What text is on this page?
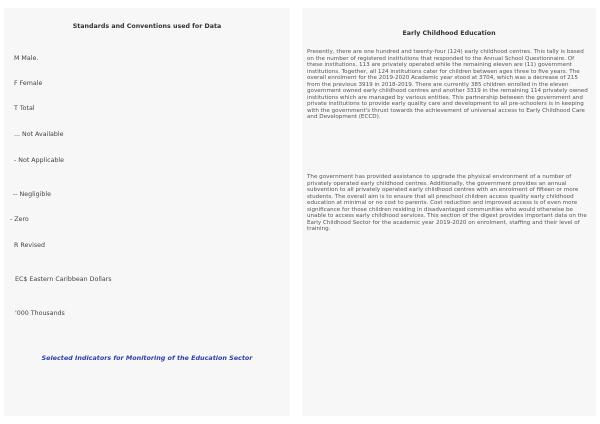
Standards and Conventions used for Data
M Male.
F Female
T Total
... Not Available
- Not Applicable
-- Negligible
- Zero
R Revised
EC$ Eastern Caribbean Dollars
'000 Thousands
Selected Indicators for Monitoring of the Education Sector
Early Childhood Education

Presently, there are one hundred and twenty-four (124) early childhood centres. This tally is based on the number of registered institutions that responded to the Annual School Questionnaire. Of these institutions, 113 are privately operated while the remaining eleven are (11) government institutions. Together, all 124 institutions cater for children between ages three to five years. The overall enrolment for the 2019-2020 Academic year stood at 3704, which was a decrease of 215 from the previous 3919 in 2018-2019. There are currently 385 children enrolled in the eleven government owned early childhood centres and another 3319 in the remaining 114 privately owned institutions which are managed by various entities. This partnership between the government and private institutions to provide early quality care and development to all pre-schoolers is in keeping with the government's thrust towards the achievement of universal access to Early Childhood Care and Development (ECCD).

The government has provided assistance to upgrade the physical environment of a number of privately operated early childhood centres. Additionally, the government provides an annual subvention to all privately operated early childhood centres with an enrolment of fifteen or more students. The overall aim is to ensure that all preschool children access quality early childhood education at minimal or no cost to parents. Cost reduction and improved access is of even more significance for those children residing in disadvantaged communities who would otherwise be unable to access early childhood services. This section of the digest provides important data on the Early Childhood Sector for the academic year 2019-2020 on enrolment, staffing and their level of training.
